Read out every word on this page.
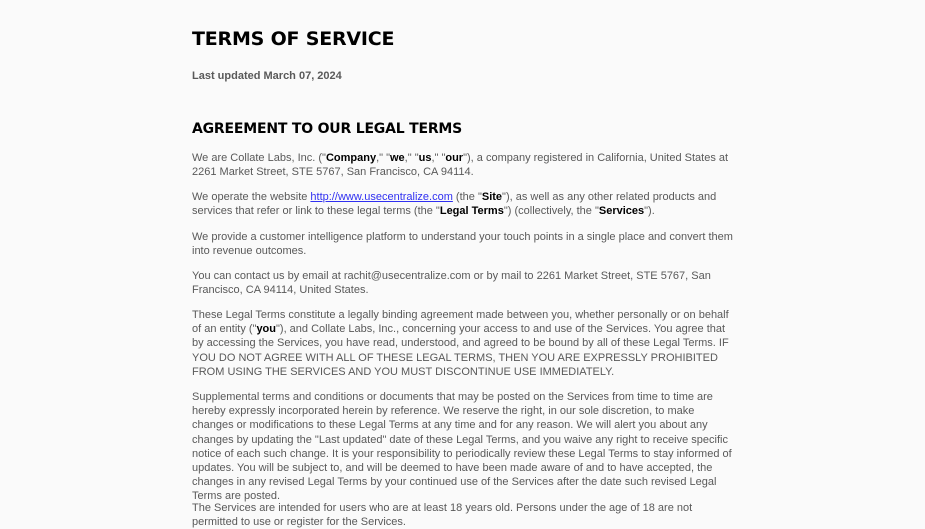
TERMS OF SERVICE

Last updated March 07, 2024

AGREEMENT TO OUR LEGAL TERMS

We are Collate Labs, Inc. ("Company," "we," "us," "our"), a company registered in California, United States at 2261 Market Street, STE 5767, San Francisco, CA 94114.

We operate the website http://www.usecentralize.com (the "Site"), as well as any other related products and services that refer or link to these legal terms (the "Legal Terms") (collectively, the "Services").

We provide a customer intelligence platform to understand your touch points in a single place and convert them into revenue outcomes.

You can contact us by email at rachit@usecentralize.com or by mail to 2261 Market Street, STE 5767, San Francisco, CA 94114, United States.

These Legal Terms constitute a legally binding agreement made between you, whether personally or on behalf of an entity ("you"), and Collate Labs, Inc., concerning your access to and use of the Services. You agree that by accessing the Services, you have read, understood, and agreed to be bound by all of these Legal Terms. IF YOU DO NOT AGREE WITH ALL OF THESE LEGAL TERMS, THEN YOU ARE EXPRESSLY PROHIBITED FROM USING THE SERVICES AND YOU MUST DISCONTINUE USE IMMEDIATELY.

Supplemental terms and conditions or documents that may be posted on the Services from time to time are hereby expressly incorporated herein by reference. We reserve the right, in our sole discretion, to make changes or modifications to these Legal Terms at any time and for any reason. We will alert you about any changes by updating the "Last updated" date of these Legal Terms, and you waive any right to receive specific notice of each such change. It is your responsibility to periodically review these Legal Terms to stay informed of updates. You will be subject to, and will be deemed to have been made aware of and to have accepted, the changes in any revised Legal Terms by your continued use of the Services after the date such revised Legal Terms are posted.

The Services are intended for users who are at least 18 years old. Persons under the age of 18 are not permitted to use or register for the Services.
